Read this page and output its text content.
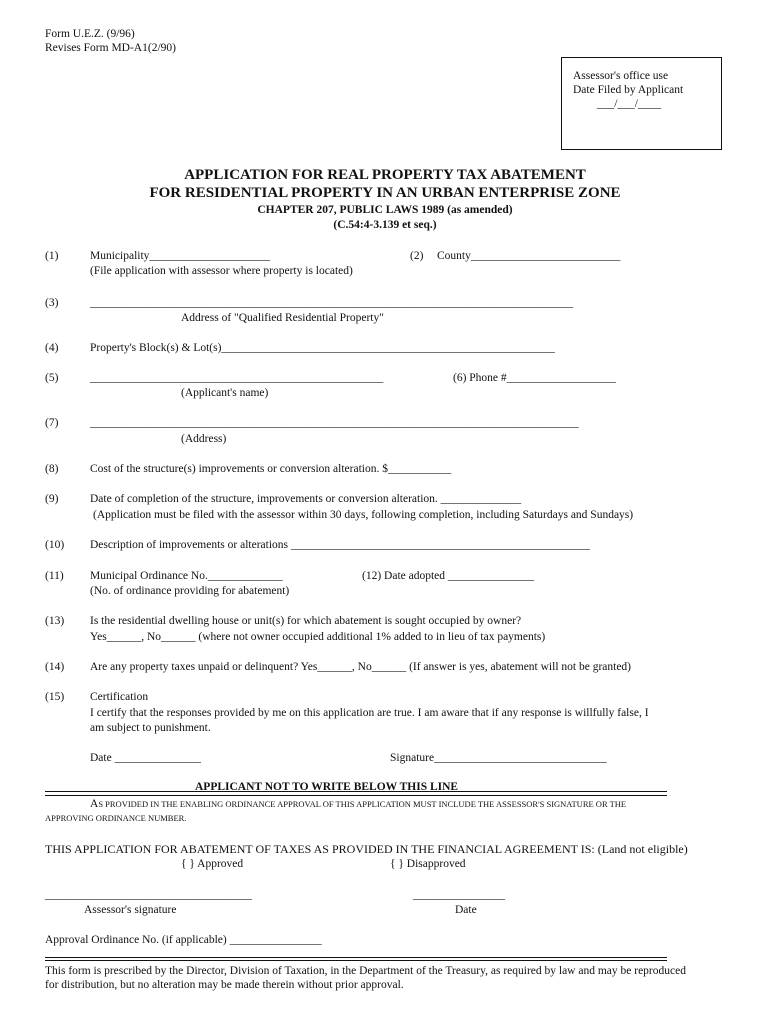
Form U.E.Z. (9/96)
Revises Form MD-A1(2/90)
Assessor's office use
Date Filed by Applicant
___/___/____
APPLICATION FOR REAL PROPERTY TAX ABATEMENT
FOR RESIDENTIAL PROPERTY IN AN URBAN ENTERPRISE ZONE
CHAPTER 207, PUBLIC LAWS 1989 (as amended)
(C.54:4-3.139 et seq.)
(1)	Municipality_____________________
(File application with assessor where property is located)
(2) County__________________________
(3)	____________________________________________________________________________________
Address of "Qualified Residential Property"
(4)	Property's Block(s) & Lot(s)__________________________________________________________
(5)	___________________________________________________
(Applicant's name)
(6) Phone #___________________
(7)	_____________________________________________________________________________________
(Address)
(8)	Cost of the structure(s) improvements or conversion alteration. $___________
(9)	Date of completion of the structure, improvements or conversion alteration. ______________
(Application must be filed with the assessor within 30 days, following completion, including Saturdays and Sundays)
(10) Description of improvements or alterations ____________________________________________________
(11) Municipal Ordinance No._____________
(No. of ordinance providing for abatement)
(12) Date adopted _______________
(13) Is the residential dwelling house or unit(s) for which abatement is sought occupied by owner?
Yes______, No______ (where not owner occupied additional 1% added to in lieu of tax payments)
(14) Are any property taxes unpaid or delinquent? Yes______, No______ (If answer is yes, abatement will not be granted)
(15) Certification
I certify that the responses provided by me on this application are true. I am aware that if any response is willfully false, I
am subject to punishment.
Date _______________	Signature______________________________
APPLICANT NOT TO WRITE BELOW THIS LINE
AS PROVIDED IN THE ENABLING ORDINANCE APPROVAL OF THIS APPLICATION MUST INCLUDE THE ASSESSOR'S SIGNATURE OR THE
APPROVING ORDINANCE NUMBER.
THIS APPLICATION FOR ABATEMENT OF TAXES AS PROVIDED IN THE FINANCIAL AGREEMENT IS: (Land not eligible)
{ } Approved	{ } Disapproved
____________________________________
Assessor's signature
________________
Date
Approval Ordinance No. (if applicable) ________________
This form is prescribed by the Director, Division of Taxation, in the Department of the Treasury, as required by law and may be reproduced
for distribution, but no alteration may be made therein without prior approval.
